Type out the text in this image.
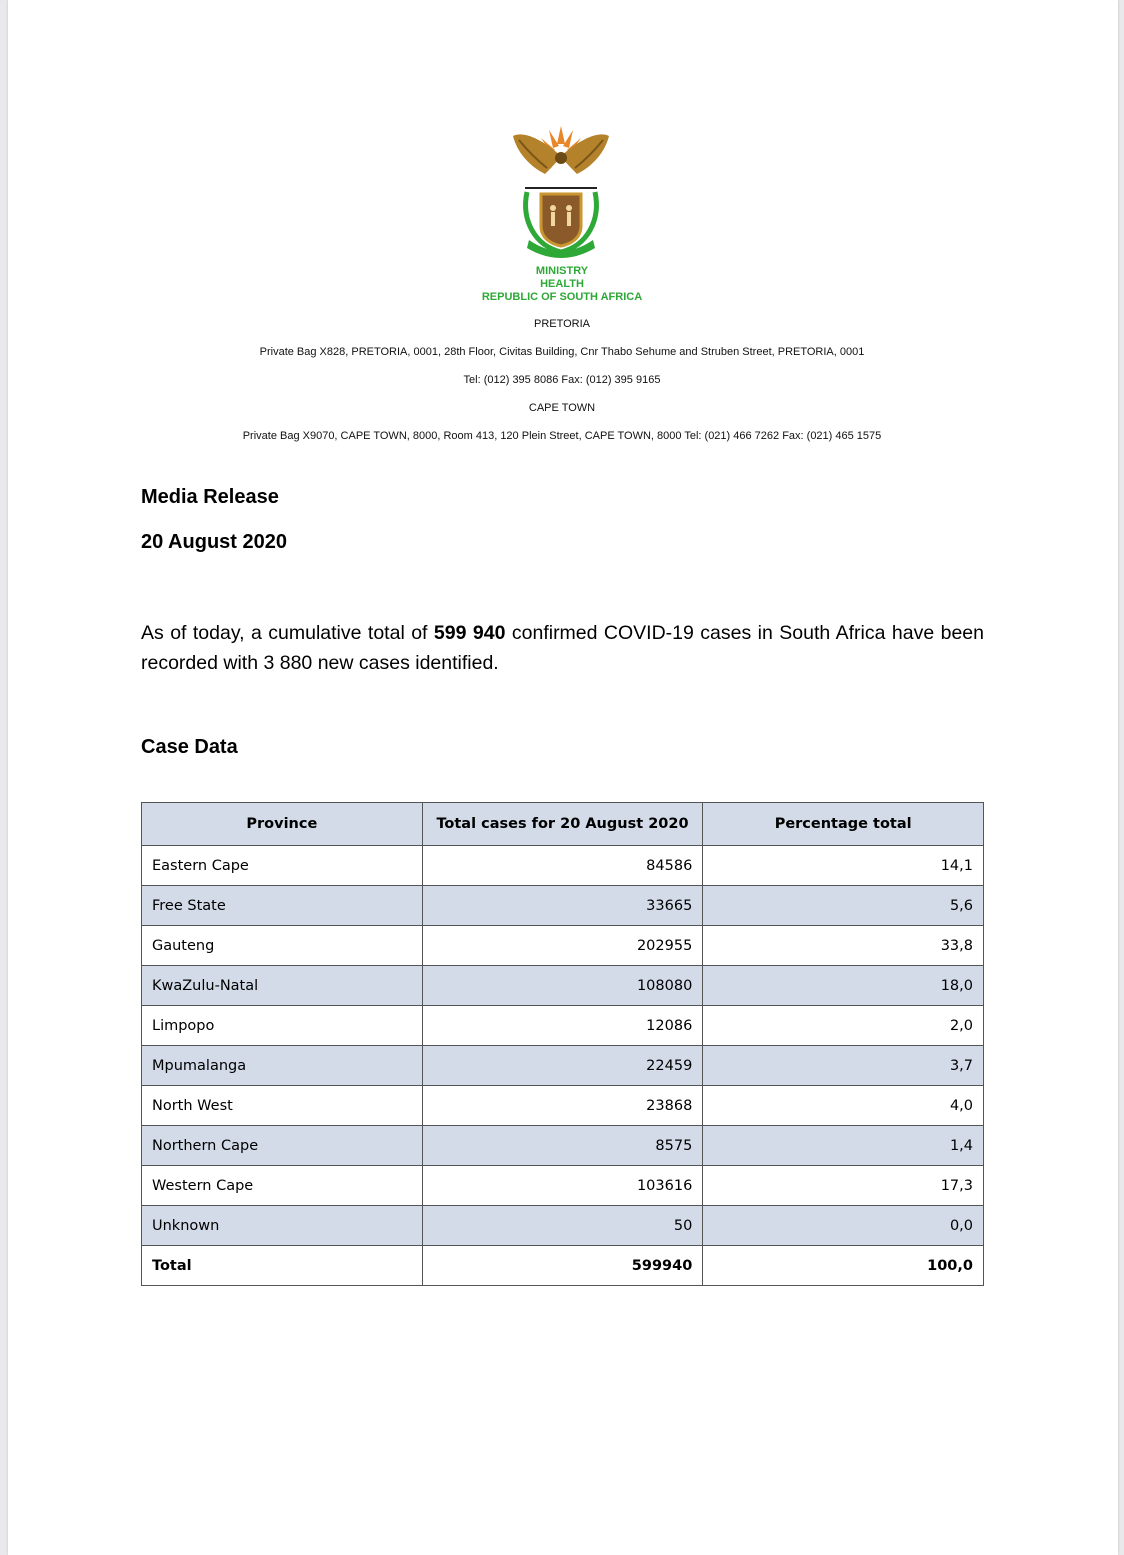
MINISTRY
HEALTH
REPUBLIC OF SOUTH AFRICA
PRETORIA
Private Bag X828, PRETORIA, 0001, 28th Floor, Civitas Building, Cnr Thabo Sehume and Struben Street, PRETORIA, 0001
Tel: (012) 395 8086 Fax: (012) 395 9165
CAPE TOWN
Private Bag X9070, CAPE TOWN, 8000, Room 413, 120 Plein Street, CAPE TOWN, 8000 Tel: (021) 466 7262 Fax: (021) 465 1575
Media Release
20 August 2020

As of today, a cumulative total of 599 940 confirmed COVID-19 cases in South Africa have been recorded with 3 880 new cases identified.

Case Data
Province	Total cases for 20 August 2020	Percentage total
Eastern Cape	84586	14,1
Free State	33665	5,6
Gauteng	202955	33,8
KwaZulu-Natal	108080	18,0
Limpopo	12086	2,0
Mpumalanga	22459	3,7
North West	23868	4,0
Northern Cape	8575	1,4
Western Cape	103616	17,3
Unknown	50	0,0
Total	599940	100,0
